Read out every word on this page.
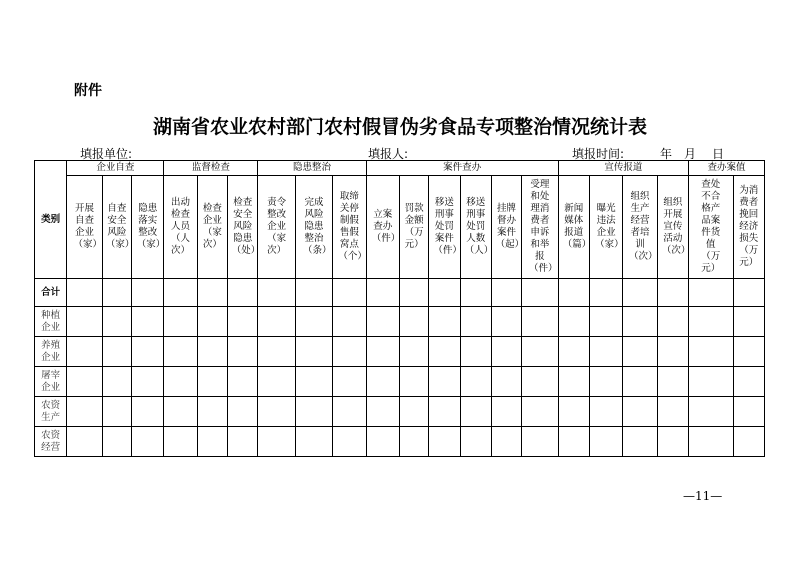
附件
湖南省农业农村部门农村假冒伪劣食品专项整治情况统计表
填报单位:	填报人:	填报时间:	年 月 日
类别	企业自查			监督检查			隐患整治			案件查办						宣传报道				查办案值	

	开展自查企业（家）	自查安全风险（家）	隐患落实整改（家）	出动检查人员（人次）	检查企业（家次）	检查安全风险隐患（处）	责令整改企业（家次）	完成风险隐患整治（条）	取缔关停制假售假窝点（个）	立案查办（件）	罚款金额（万元）	移送刑事处罚案件（件）	移送刑事处罚人数（人）	挂牌督办案件（起）	受理和处理消费者申诉和举报（件）	新闻媒体报道（篇）	曝光违法企业（家）	组织生产经营者培训（次）	组织开展宣传活动（次）	查处不合格产品案件货值（万元）	为消费者挽回经济损失（万元）

合计																					

种植企业																					

养殖企业																					

屠宰企业																					

农资生产																					

农资经营																					

—11—
